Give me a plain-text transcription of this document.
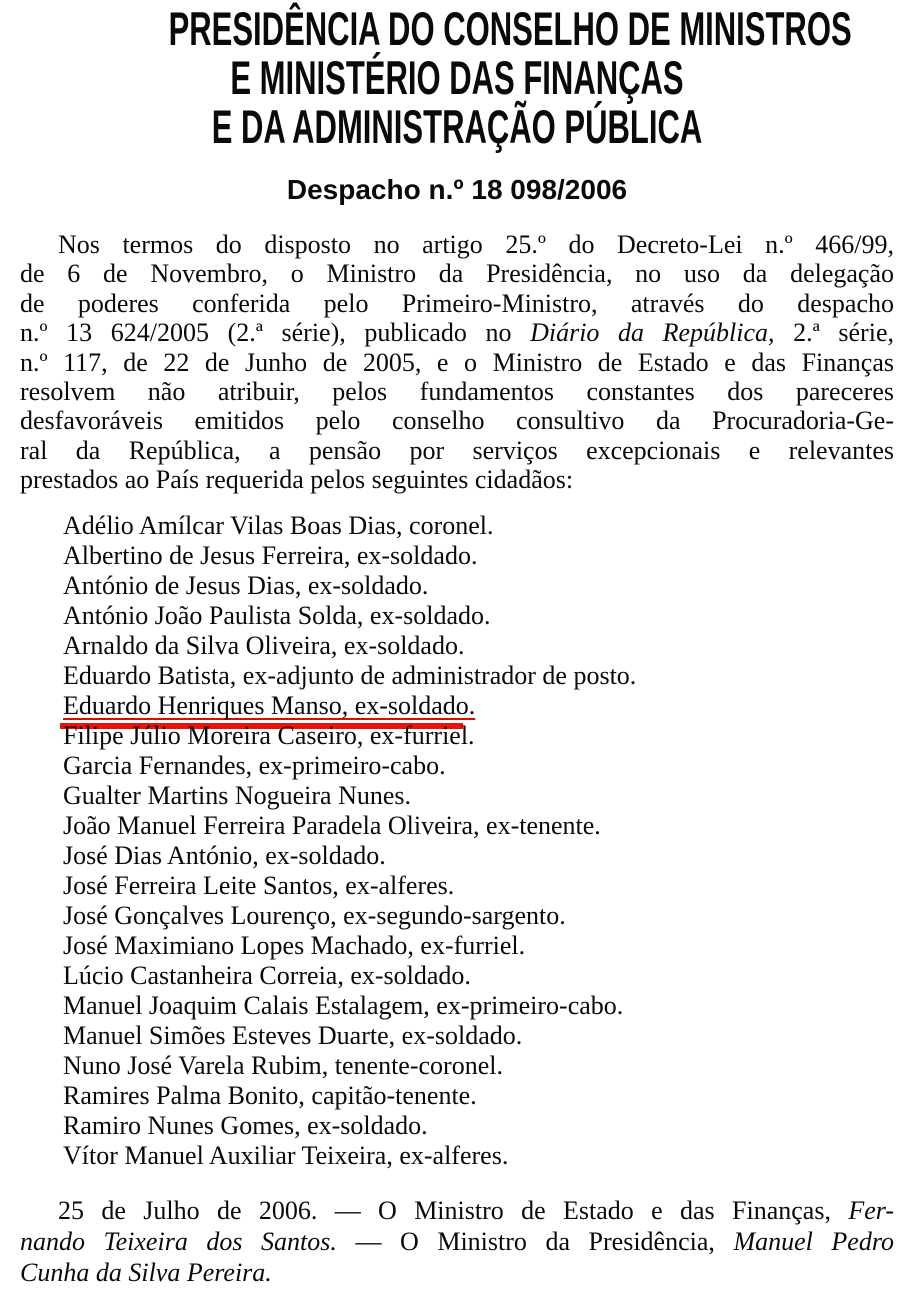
PRESIDÊNCIA DO CONSELHO DE MINISTROS
E MINISTÉRIO DAS FINANÇAS
E DA ADMINISTRAÇÃO PÚBLICA
Despacho n.º 18 098/2006
Nos termos do disposto no artigo 25.º do Decreto-Lei n.º 466/99,
de 6 de Novembro, o Ministro da Presidência, no uso da delegação
de poderes conferida pelo Primeiro-Ministro, através do despacho
n.º 13 624/2005 (2.ª série), publicado no Diário da República, 2.ª série,
n.º 117, de 22 de Junho de 2005, e o Ministro de Estado e das Finanças
resolvem não atribuir, pelos fundamentos constantes dos pareceres
desfavoráveis emitidos pelo conselho consultivo da Procuradoria-Ge-
ral da República, a pensão por serviços excepcionais e relevantes
prestados ao País requerida pelos seguintes cidadãos:
Adélio Amílcar Vilas Boas Dias, coronel.
Albertino de Jesus Ferreira, ex-soldado.
António de Jesus Dias, ex-soldado.
António João Paulista Solda, ex-soldado.
Arnaldo da Silva Oliveira, ex-soldado.
Eduardo Batista, ex-adjunto de administrador de posto.
Eduardo Henriques Manso, ex-soldado.
Filipe Júlio Moreira Caseiro, ex-furriel.
Garcia Fernandes, ex-primeiro-cabo.
Gualter Martins Nogueira Nunes.
João Manuel Ferreira Paradela Oliveira, ex-tenente.
José Dias António, ex-soldado.
José Ferreira Leite Santos, ex-alferes.
José Gonçalves Lourenço, ex-segundo-sargento.
José Maximiano Lopes Machado, ex-furriel.
Lúcio Castanheira Correia, ex-soldado.
Manuel Joaquim Calais Estalagem, ex-primeiro-cabo.
Manuel Simões Esteves Duarte, ex-soldado.
Nuno José Varela Rubim, tenente-coronel.
Ramires Palma Bonito, capitão-tenente.
Ramiro Nunes Gomes, ex-soldado.
Vítor Manuel Auxiliar Teixeira, ex-alferes.
25 de Julho de 2006. — O Ministro de Estado e das Finanças, Fer-
nando Teixeira dos Santos. — O Ministro da Presidência, Manuel Pedro
Cunha da Silva Pereira.
